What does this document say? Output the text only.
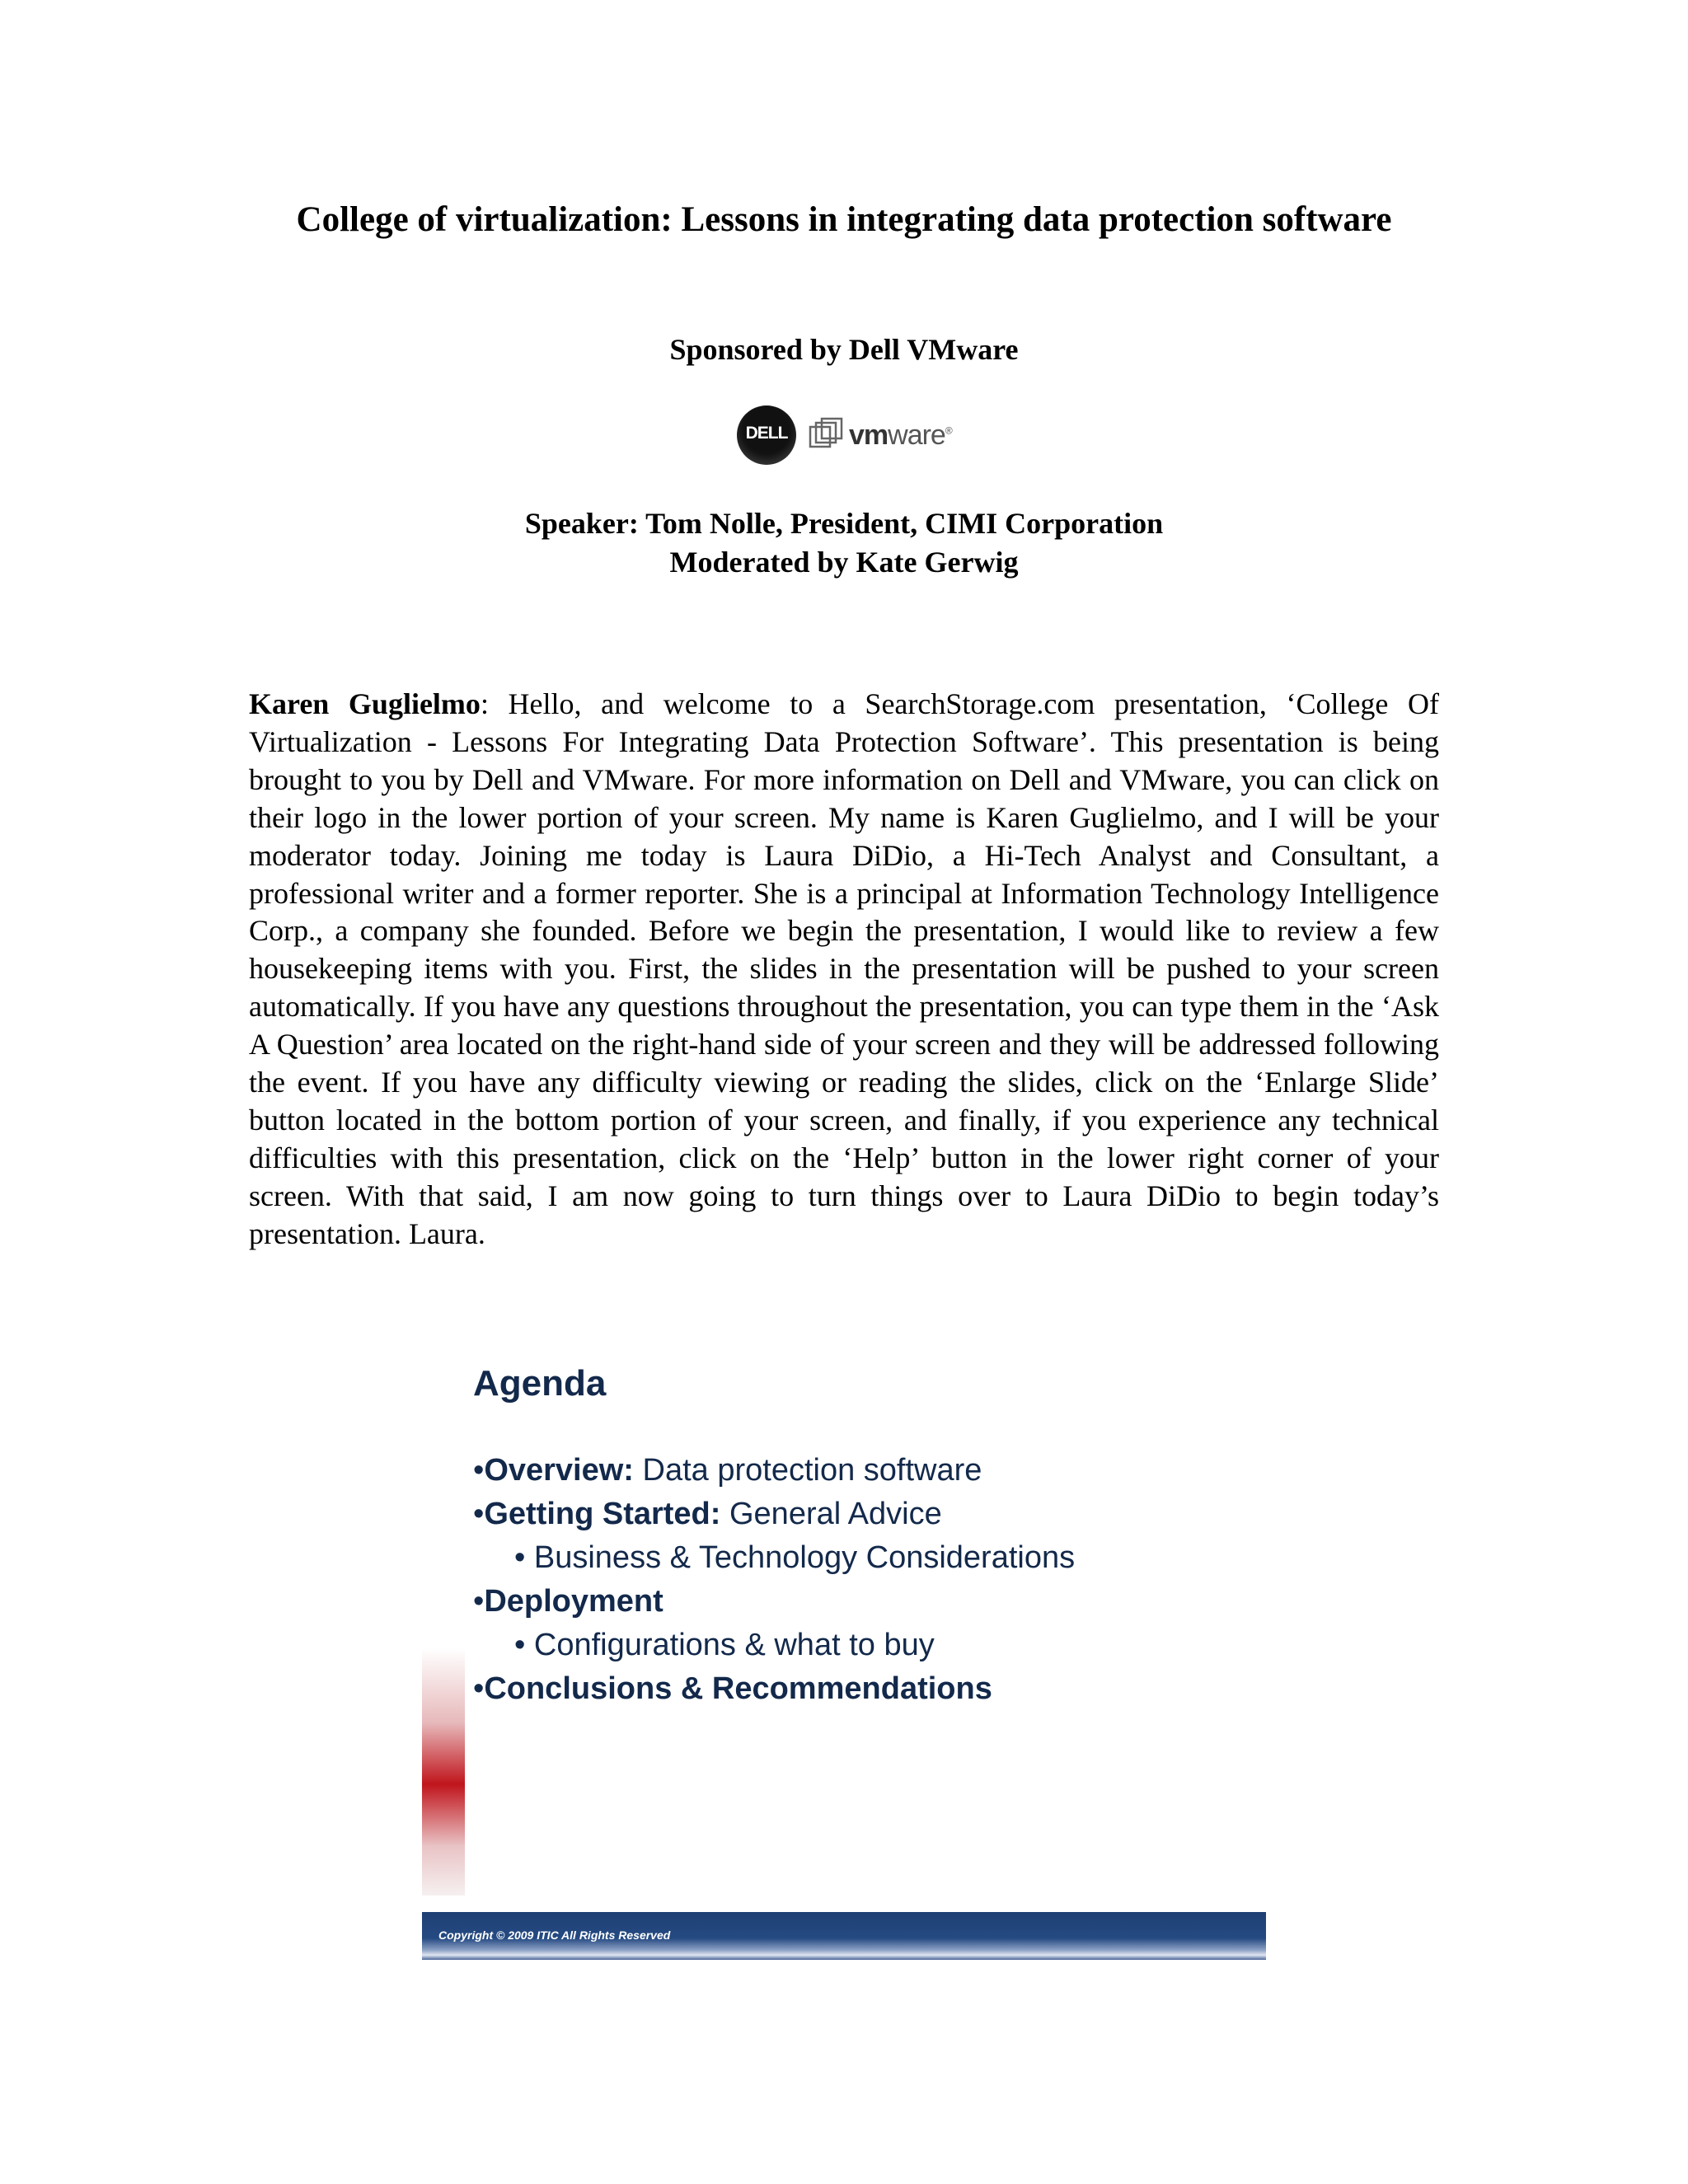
College of virtualization: Lessons in integrating data protection software
Sponsored by Dell VMware
DELL	vmware®
Speaker: Tom Nolle, President, CIMI Corporation
Moderated by Kate Gerwig

Karen Guglielmo: Hello, and welcome to a SearchStorage.com presentation, ‘College Of Virtualization - Lessons For Integrating Data Protection Software’. This presentation is being brought to you by Dell and VMware. For more information on Dell and VMware, you can click on their logo in the lower portion of your screen. My name is Karen Guglielmo, and I will be your moderator today. Joining me today is Laura DiDio, a Hi-Tech Analyst and Consultant, a professional writer and a former reporter. She is a principal at Information Technology Intelligence Corp., a company she founded. Before we begin the presentation, I would like to review a few housekeeping items with you. First, the slides in the presentation will be pushed to your screen automatically. If you have any questions throughout the presentation, you can type them in the ‘Ask A Question’ area located on the right-hand side of your screen and they will be addressed following the event. If you have any difficulty viewing or reading the slides, click on the ‘Enlarge Slide’ button located in the bottom portion of your screen, and finally, if you experience any technical difficulties with this presentation, click on the ‘Help’ button in the lower right corner of your screen. With that said, I am now going to turn things over to Laura DiDio to begin today’s presentation. Laura.

Agenda
•Overview: Data protection software
•Getting Started: General Advice
• Business & Technology Considerations
•Deployment
• Configurations & what to buy
•Conclusions & Recommendations
Copyright © 2009 ITIC All Rights Reserved
